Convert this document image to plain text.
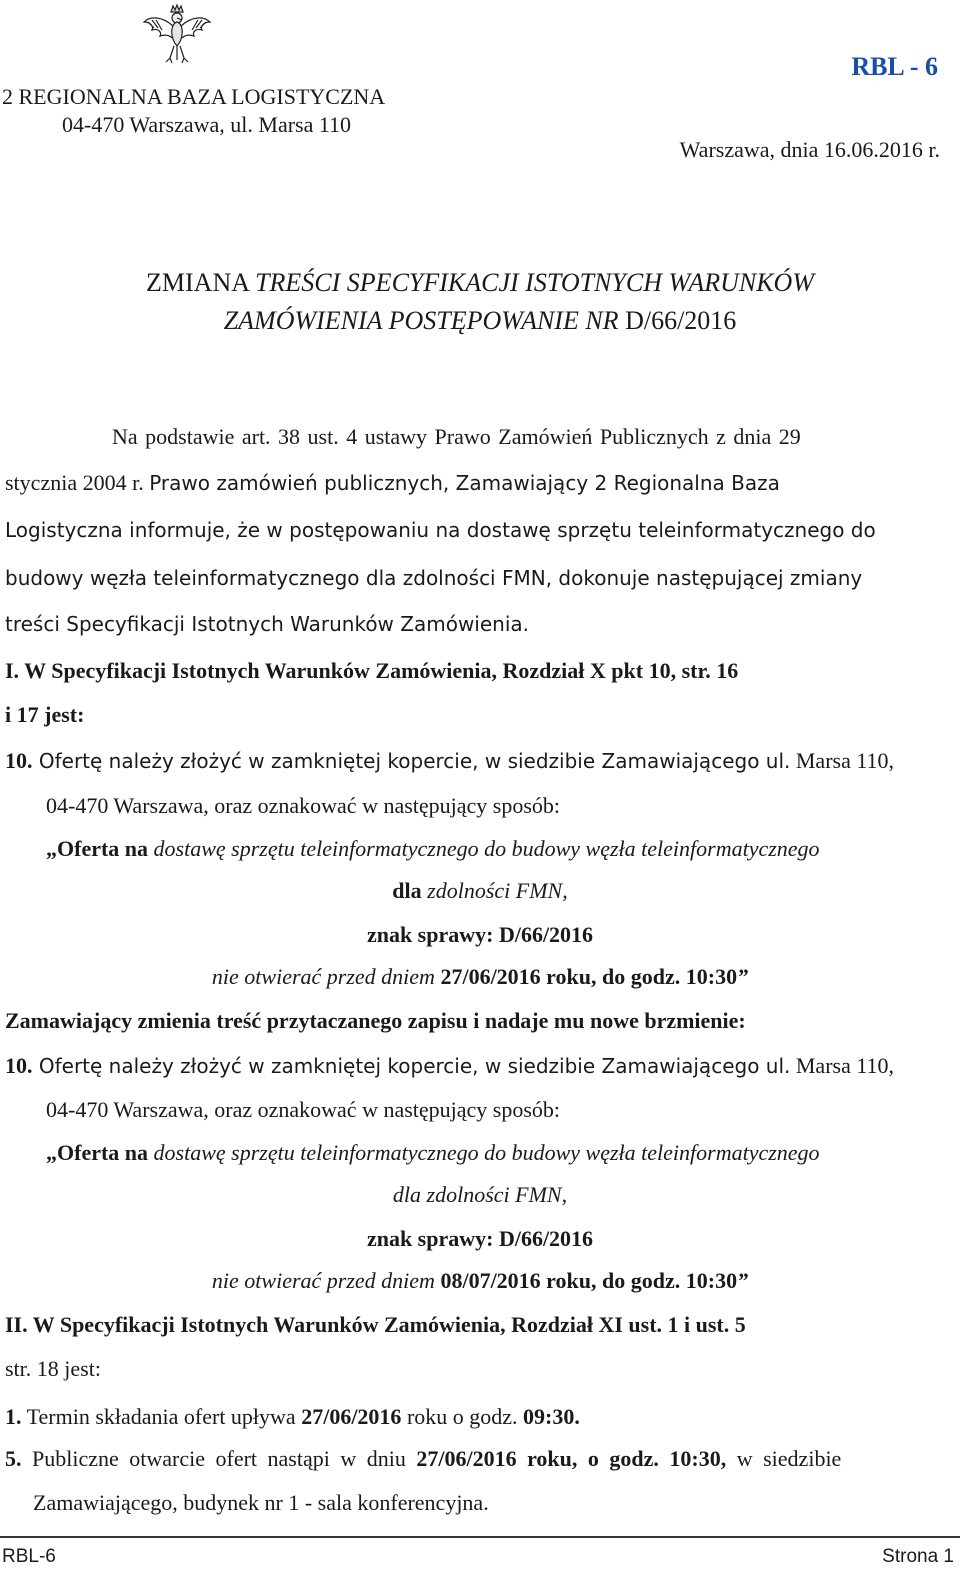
2 REGIONALNA BAZA LOGISTYCZNA
04-470 Warszawa, ul. Marsa 110
RBL - 6
Warszawa, dnia 16.06.2016 r.
ZMIANA TREŚCI SPECYFIKACJI ISTOTNYCH WARUNKÓW
ZAMÓWIENIA POSTĘPOWANIE NR D/66/2016
Na podstawie art. 38 ust. 4 ustawy Prawo Zamówień Publicznych z dnia 29
stycznia 2004 r. Prawo zamówień publicznych, Zamawiający 2 Regionalna Baza
Logistyczna informuje, że w postępowaniu na dostawę sprzętu teleinformatycznego do
budowy węzła teleinformatycznego dla zdolności FMN, dokonuje następującej zmiany
treści Specyfikacji Istotnych Warunków Zamówienia.
I. W Specyfikacji Istotnych Warunków Zamówienia, Rozdział X pkt 10, str. 16
i 17 jest:
10. Ofertę należy złożyć w zamkniętej kopercie, w siedzibie Zamawiającego ul. Marsa 110,
04-470 Warszawa, oraz oznakować w następujący sposób:
„Oferta na dostawę sprzętu teleinformatycznego do budowy węzła teleinformatycznego
dla zdolności FMN,
znak sprawy: D/66/2016
nie otwierać przed dniem 27/06/2016 roku, do godz. 10:30”
Zamawiający zmienia treść przytaczanego zapisu i nadaje mu nowe brzmienie:
10. Ofertę należy złożyć w zamkniętej kopercie, w siedzibie Zamawiającego ul. Marsa 110,
04-470 Warszawa, oraz oznakować w następujący sposób:
„Oferta na dostawę sprzętu teleinformatycznego do budowy węzła teleinformatycznego
dla zdolności FMN,
znak sprawy: D/66/2016
nie otwierać przed dniem 08/07/2016 roku, do godz. 10:30”
II. W Specyfikacji Istotnych Warunków Zamówienia, Rozdział XI ust. 1 i ust. 5
str. 18 jest:
1. Termin składania ofert upływa 27/06/2016 roku o godz. 09:30.
5. Publiczne otwarcie ofert nastąpi w dniu 27/06/2016 roku, o godz. 10:30, w siedzibie
Zamawiającego, budynek nr 1 - sala konferencyjna.
RBL-6	Strona 1
